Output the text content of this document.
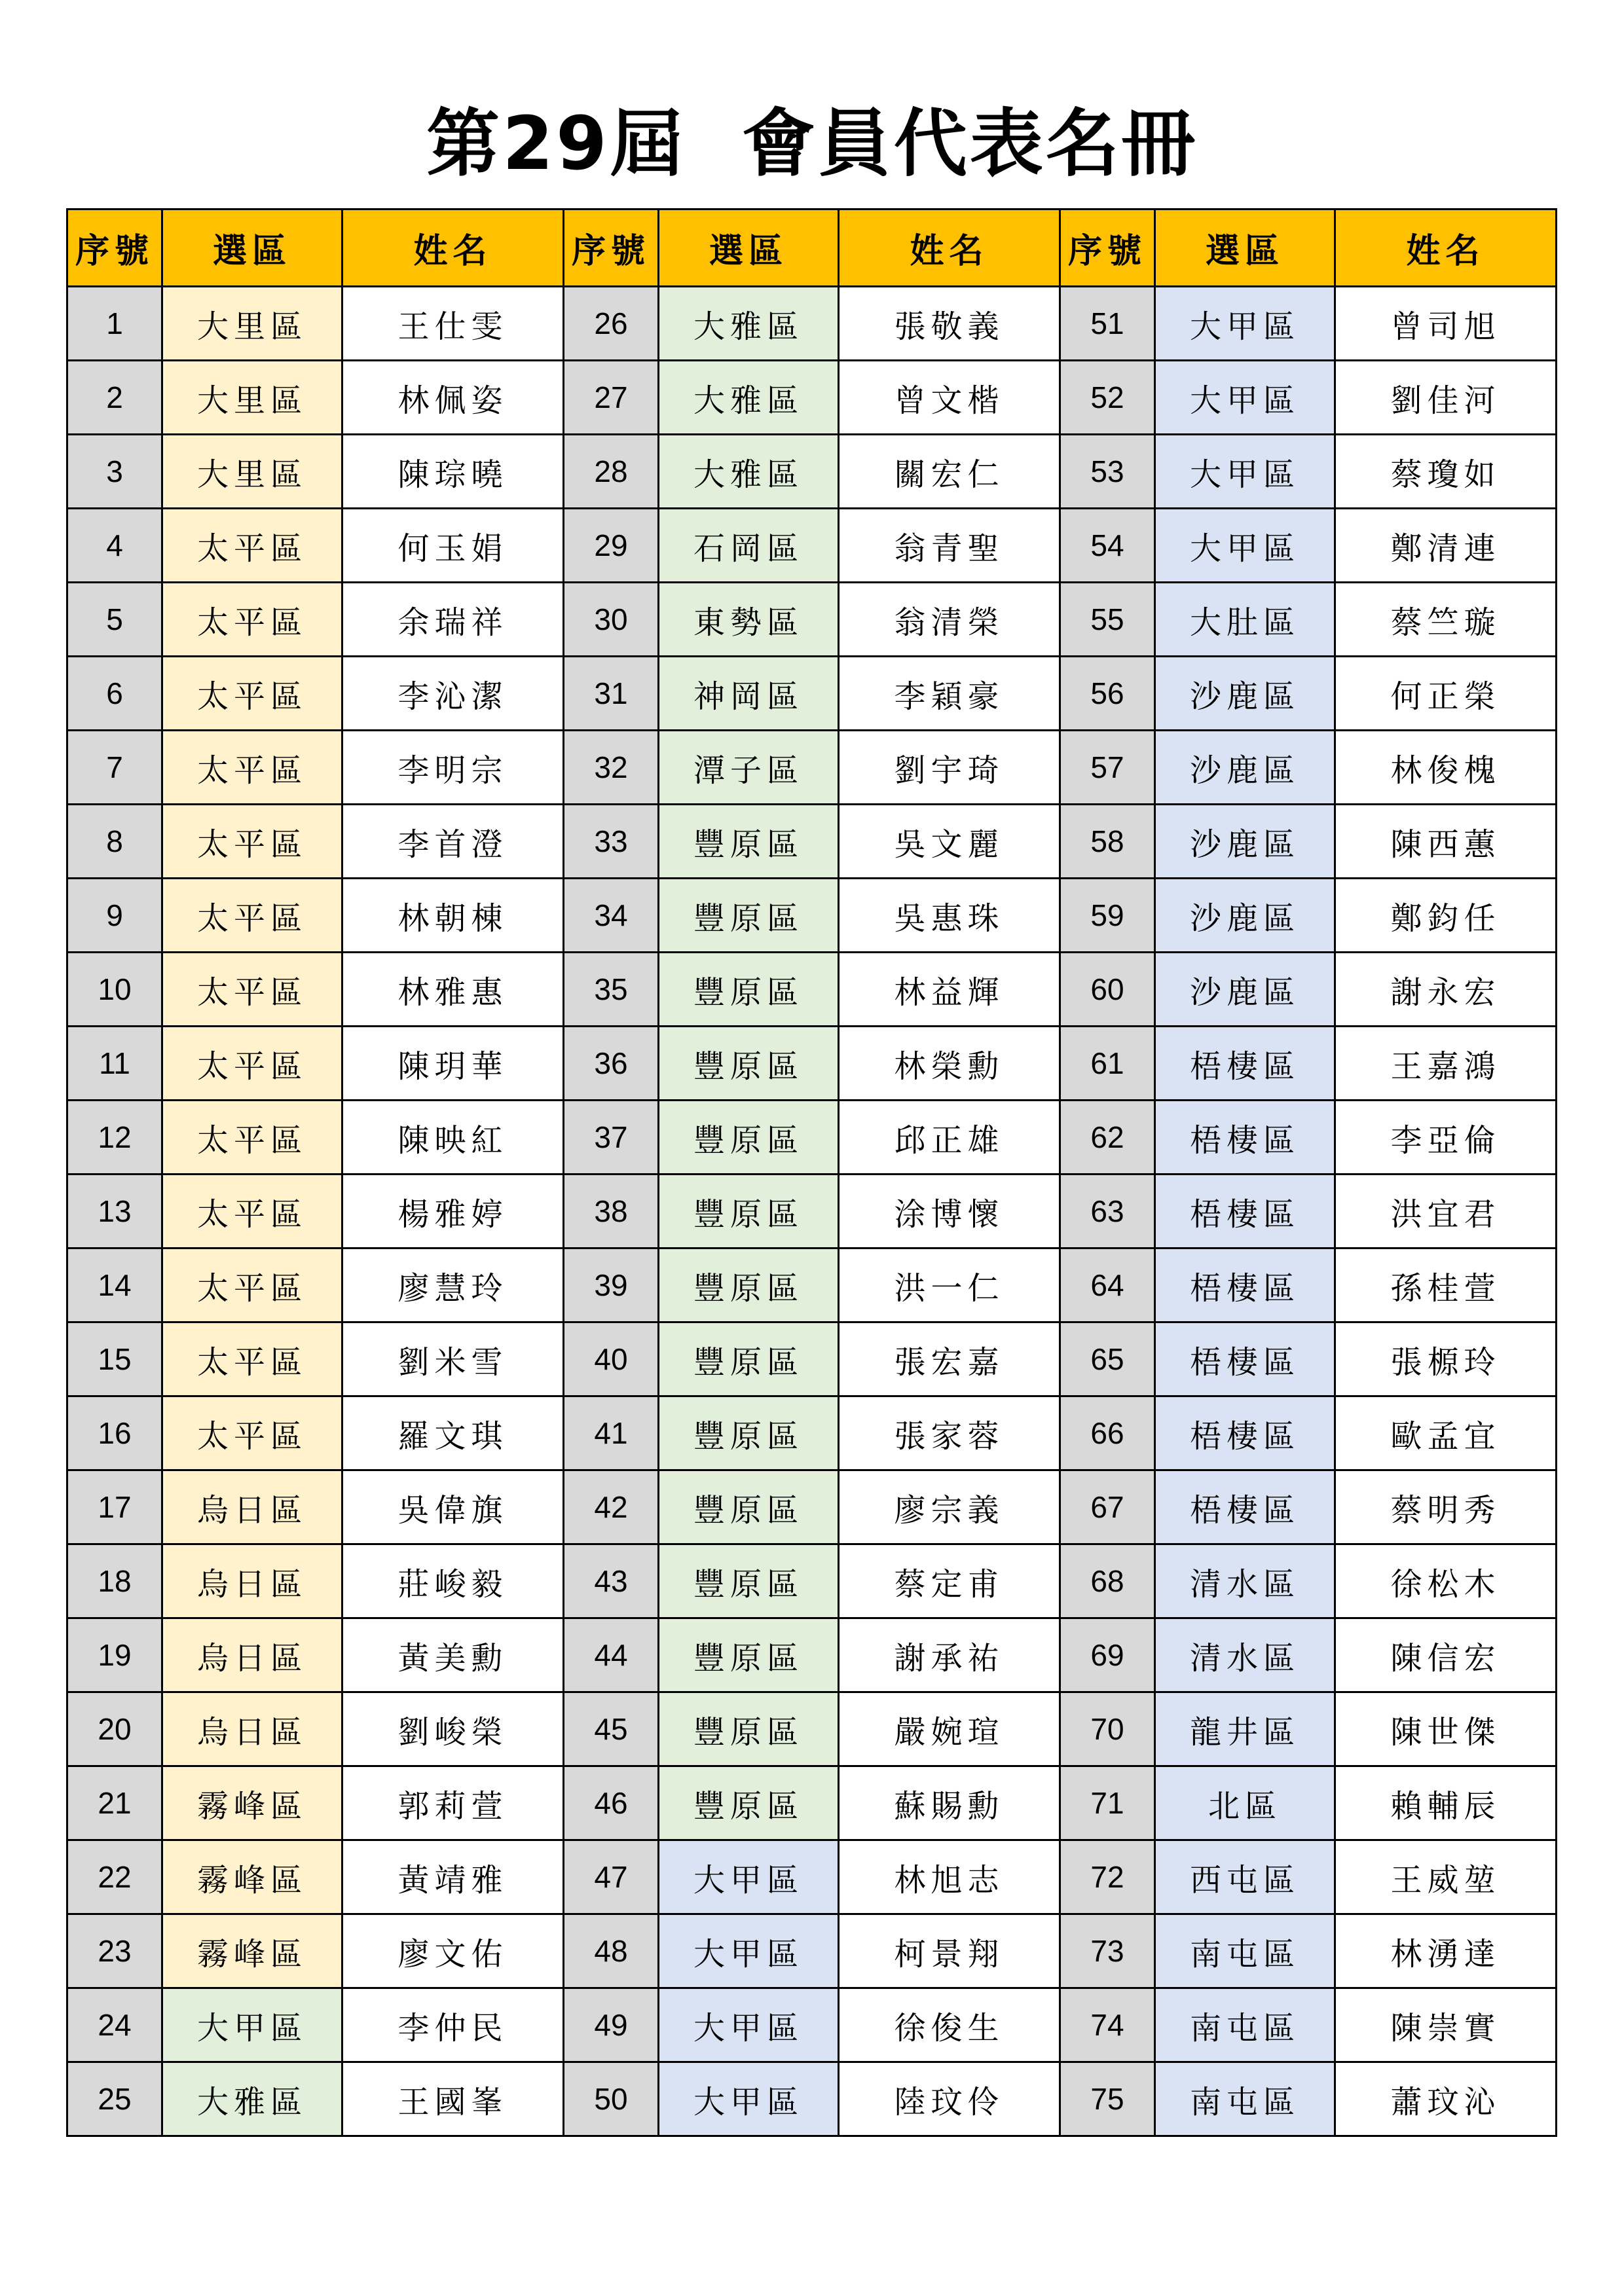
第29屆  會員代表名冊
序號	選區	姓名	序號	選區	姓名	序號	選區	姓名
1	大里區	王仕雯	26	大雅區	張敬義	51	大甲區	曾司旭
2	大里區	林佩姿	27	大雅區	曾文楷	52	大甲區	劉佳河
3	大里區	陳琮曉	28	大雅區	關宏仁	53	大甲區	蔡瓊如
4	太平區	何玉娟	29	石岡區	翁青聖	54	大甲區	鄭清連
5	太平區	余瑞祥	30	東勢區	翁清榮	55	大肚區	蔡竺璇
6	太平區	李沁潔	31	神岡區	李穎豪	56	沙鹿區	何正榮
7	太平區	李明宗	32	潭子區	劉宇琦	57	沙鹿區	林俊槐
8	太平區	李首澄	33	豐原區	吳文麗	58	沙鹿區	陳西蕙
9	太平區	林朝棟	34	豐原區	吳惠珠	59	沙鹿區	鄭鈞任
10	太平區	林雅惠	35	豐原區	林益輝	60	沙鹿區	謝永宏
11	太平區	陳玥華	36	豐原區	林榮勳	61	梧棲區	王嘉鴻
12	太平區	陳映紅	37	豐原區	邱正雄	62	梧棲區	李亞倫
13	太平區	楊雅婷	38	豐原區	涂博懷	63	梧棲區	洪宜君
14	太平區	廖慧玲	39	豐原區	洪一仁	64	梧棲區	孫桂萱
15	太平區	劉米雪	40	豐原區	張宏嘉	65	梧棲區	張榞玲
16	太平區	羅文琪	41	豐原區	張家蓉	66	梧棲區	歐孟宜
17	烏日區	吳偉旗	42	豐原區	廖宗義	67	梧棲區	蔡明秀
18	烏日區	莊峻毅	43	豐原區	蔡定甫	68	清水區	徐松木
19	烏日區	黃美勳	44	豐原區	謝承祐	69	清水區	陳信宏
20	烏日區	劉峻榮	45	豐原區	嚴婉瑄	70	龍井區	陳世傑
21	霧峰區	郭莉萱	46	豐原區	蘇賜勳	71	北區	賴輔辰
22	霧峰區	黃靖雅	47	大甲區	林旭志	72	西屯區	王威堃
23	霧峰區	廖文佑	48	大甲區	柯景翔	73	南屯區	林湧達
24	大甲區	李仲民	49	大甲區	徐俊生	74	南屯區	陳崇實
25	大雅區	王國峯	50	大甲區	陸玟伶	75	南屯區	蕭玟沁
